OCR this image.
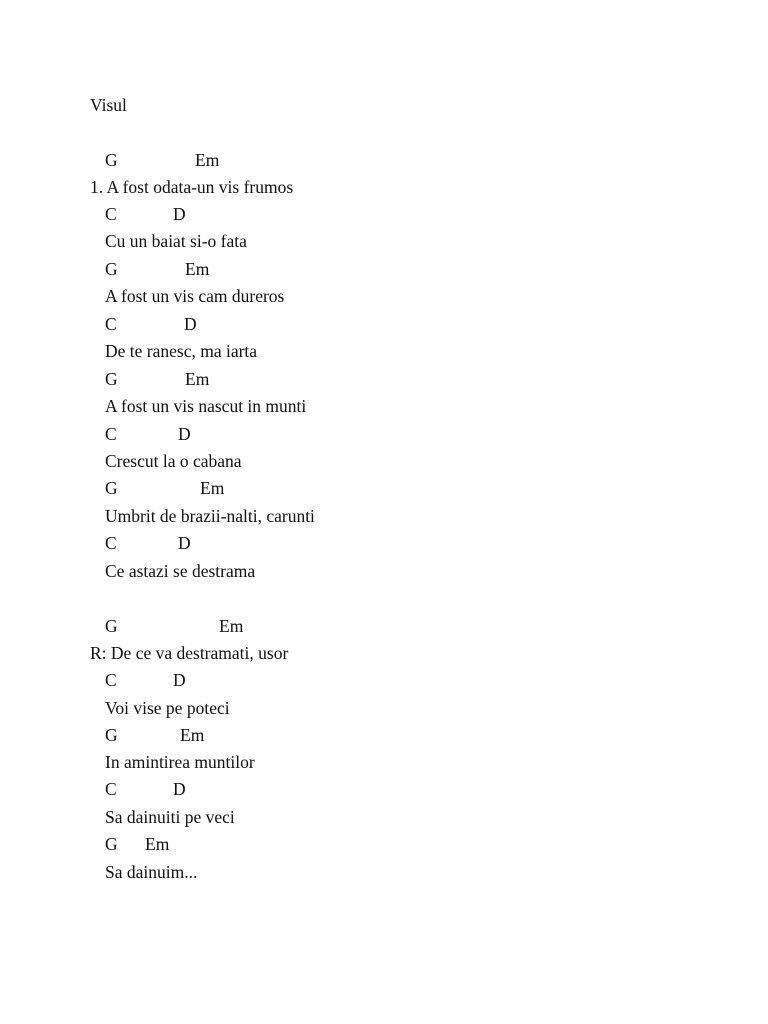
Visul

G

	Em

1. A fost odata-un vis frumos

C

	D

Cu un baiat si-o fata

G

	Em

A fost un vis cam dureros

C

	D

De te ranesc, ma iarta

G

	Em

A fost un vis nascut in munti

C

	D

Crescut la o cabana

G

	Em

Umbrit de brazii-nalti, carunti

C

	D

Ce astazi se destrama

G

	Em

R: De ce va destramati, usor

C

	D

Voi vise pe poteci

G

	Em

In amintirea muntilor

C

	D

Sa dainuiti pe veci

G

Em

Sa dainuim...
